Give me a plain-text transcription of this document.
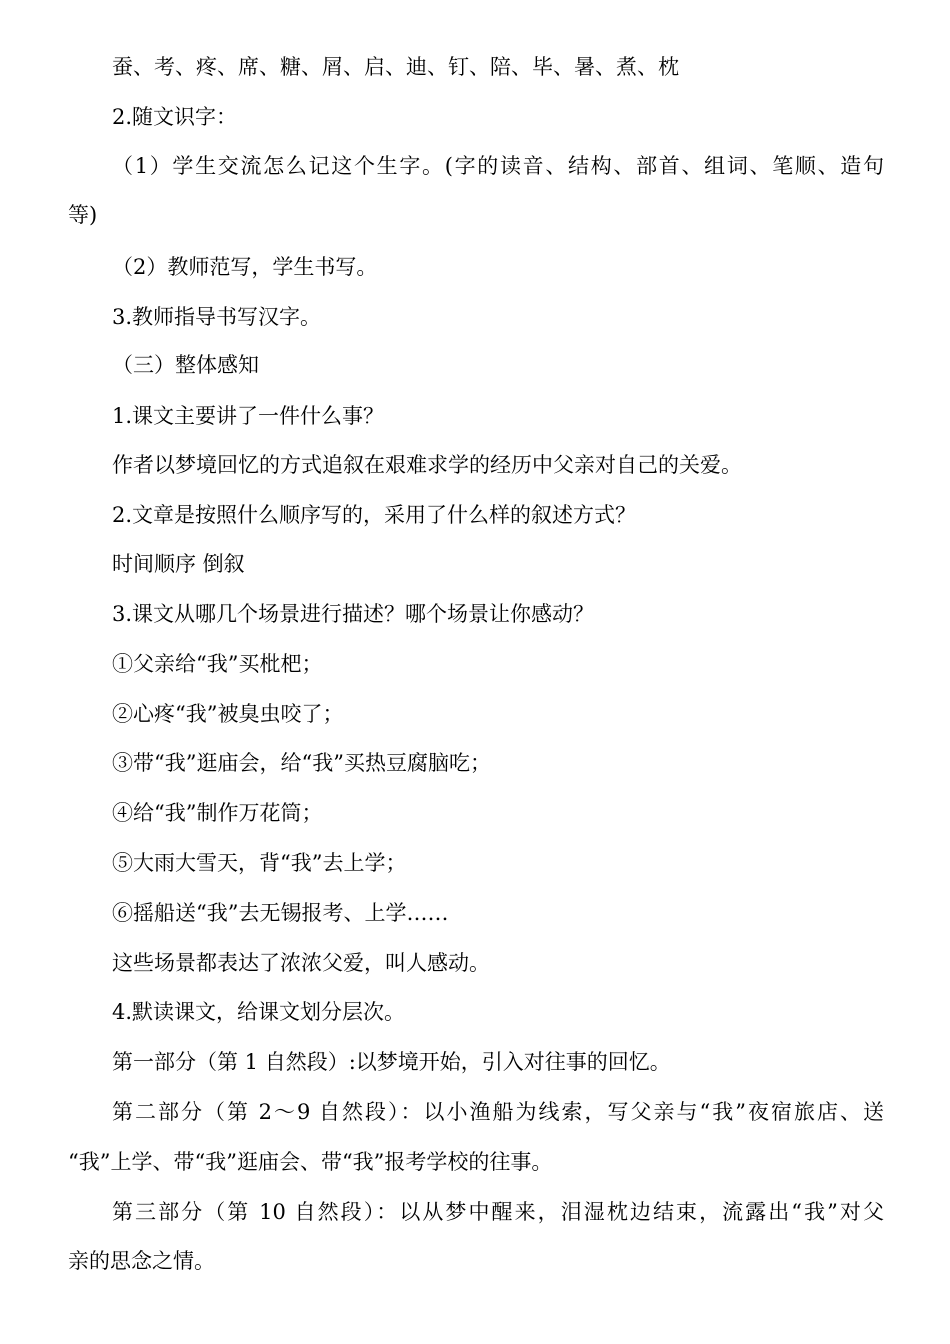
蚕、考、疼、席、糖、屑、启、迪、钉、陪、毕、暑、煮、枕
2.随文识字：
（1）学生交流怎么记这个生字。(字的读音、结构、部首、组词、笔顺、造句
等)
（2）教师范写，学生书写。
3.教师指导书写汉字。
（三）整体感知
1.课文主要讲了一件什么事？
作者以梦境回忆的方式追叙在艰难求学的经历中父亲对自己的关爱。
2.文章是按照什么顺序写的，采用了什么样的叙述方式？
时间顺序 倒叙
3.课文从哪几个场景进行描述？哪个场景让你感动？
①父亲给“我”买枇杷；
②心疼“我”被臭虫咬了；
③带“我”逛庙会，给“我”买热豆腐脑吃；
④给“我”制作万花筒；
⑤大雨大雪天，背“我”去上学；
⑥摇船送“我”去无锡报考、上学……
这些场景都表达了浓浓父爱，叫人感动。
4.默读课文，给课文划分层次。
第一部分（第 1 自然段）:以梦境开始，引入对往事的回忆。
第二部分（第 2～9 自然段）：以小渔船为线索，写父亲与“我”夜宿旅店、送
“我”上学、带“我”逛庙会、带“我”报考学校的往事。
第三部分（第 10 自然段）：以从梦中醒来，泪湿枕边结束，流露出“我”对父
亲的思念之情。
